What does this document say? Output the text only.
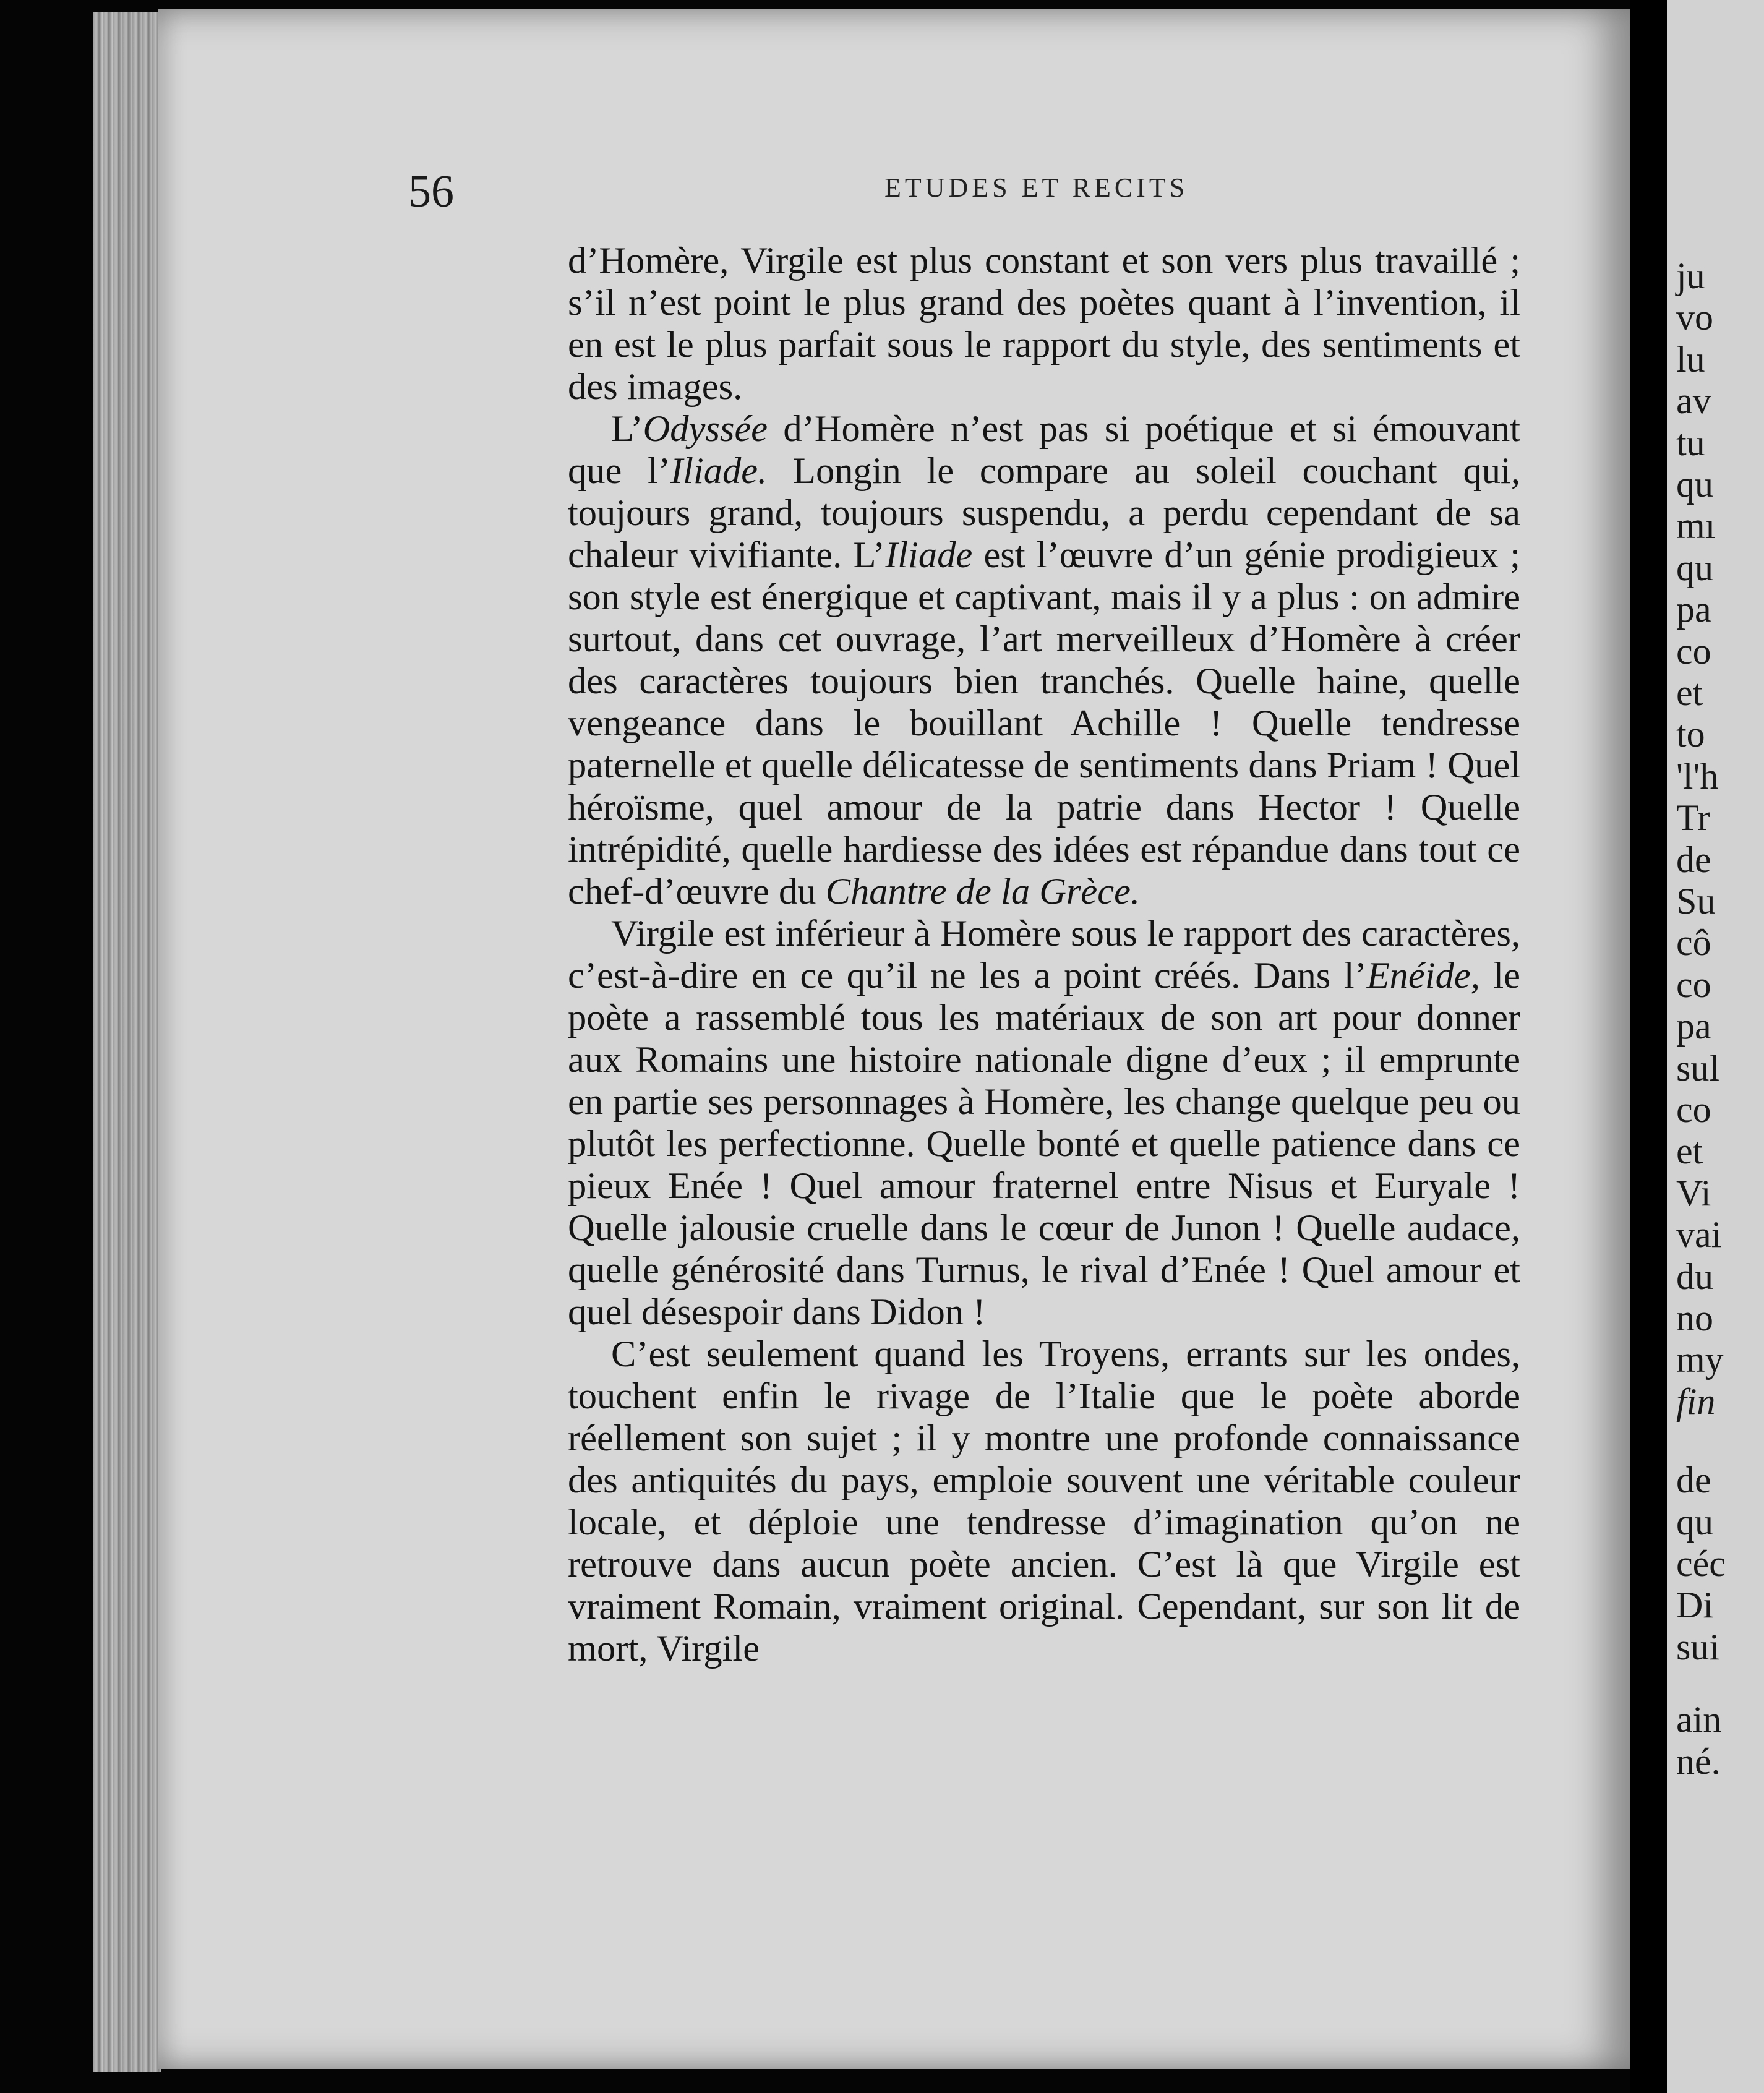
56	ETUDES ET RECITS

d’Homère, Virgile est plus constant et son vers plus travaillé ; s’il n’est point le plus grand des poètes quant à l’invention, il en est le plus parfait sous le rapport du style, des sentiments et des images.

L’Odyssée d’Homère n’est pas si poétique et si émouvant que l’Iliade. Longin le compare au soleil couchant qui, toujours grand, toujours suspendu, a perdu cependant de sa chaleur vivifiante. L’Iliade est l’œuvre d’un génie prodigieux ; son style est énergique et captivant, mais il y a plus : on admire surtout, dans cet ouvrage, l’art merveilleux d’Homère à créer des caractères toujours bien tranchés. Quelle haine, quelle vengeance dans le bouillant Achille ! Quelle tendresse paternelle et quelle délicatesse de sentiments dans Priam ! Quel héroïsme, quel amour de la patrie dans Hector ! Quelle intrépidité, quelle hardiesse des idées est répandue dans tout ce chef-d’œuvre du Chantre de la Grèce.

Virgile est inférieur à Homère sous le rapport des caractères, c’est-à-dire en ce qu’il ne les a point créés. Dans l’Enéide, le poète a rassemblé tous les matériaux de son art pour donner aux Romains une histoire nationale digne d’eux ; il emprunte en partie ses personnages à Homère, les change quelque peu ou plutôt les perfectionne. Quelle bonté et quelle patience dans ce pieux Enée ! Quel amour fraternel entre Nisus et Euryale ! Quelle jalousie cruelle dans le cœur de Junon ! Quelle audace, quelle générosité dans Turnus, le rival d’Enée ! Quel amour et quel désespoir dans Didon !

C’est seulement quand les Troyens, errants sur les ondes, touchent enfin le rivage de l’Italie que le poète aborde réellement son sujet ; il y montre une profonde connaissance des antiquités du pays, emploie souvent une véritable couleur locale, et déploie une tendresse d’imagination qu’on ne retrouve dans aucun poète ancien. C’est là que Virgile est vraiment Romain, vraiment original. Cependant, sur son lit de mort, Virgile

ju
vo
lu
av
tu
qu
mı
qu
pa
co
et
to
'l'h
Tr
de
Su
cô
co
pa
sul
co
et
Vi
vai
du
no
my
fin
de
qu
céc
Di
sui
ain
né.
